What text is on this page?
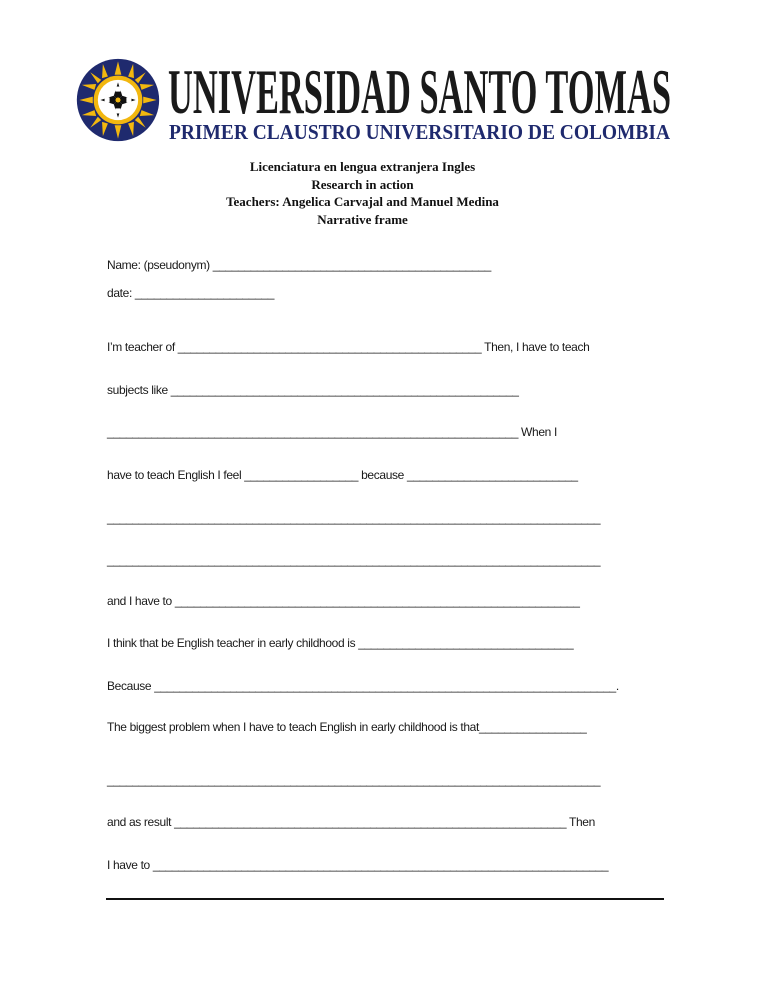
UNIVERSIDAD SANTO TOMAS
PRIMER CLAUSTRO UNIVERSITARIO DE COLOMBIA
Licenciatura en lengua extranjera Ingles
Research in action
Teachers: Angelica Carvajal and Manuel Medina
Narrative frame
Name: (pseudonym) ____________________________________________
date: ______________________
I’m teacher of ________________________________________________ Then, I have to teach
subjects like _______________________________________________________
_________________________________________________________________ When I
have to teach English I feel __________________ because ___________________________
______________________________________________________________________________
______________________________________________________________________________
and I have to ________________________________________________________________
I think that be English teacher in early childhood is __________________________________
Because _________________________________________________________________________.
The biggest problem when I have to teach English in early childhood is that_________________
______________________________________________________________________________
and as result ______________________________________________________________ Then
I have to ________________________________________________________________________
